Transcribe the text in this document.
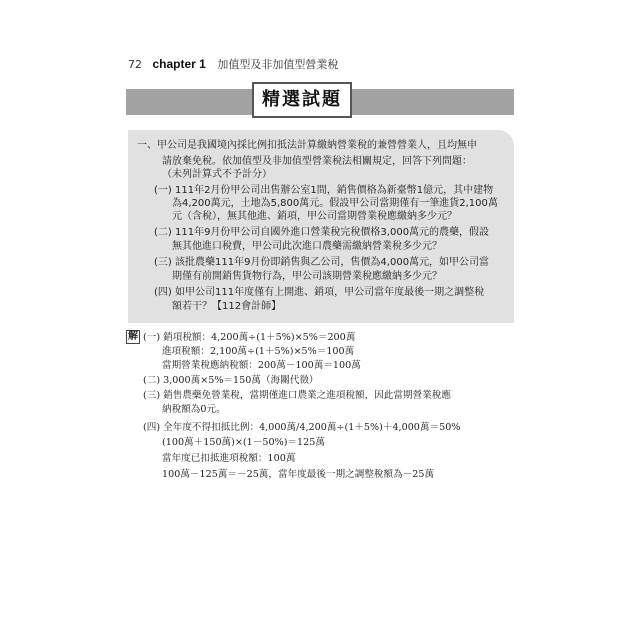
72 chapter 1 加值型及非加值型營業稅
精選試題
一、甲公司是我國境內採比例扣抵法計算繳納營業稅的兼營營業人，且均無申
請放棄免稅。依加值型及非加值型營業稅法相關規定，回答下列問題：
（未列計算式不予計分）
(一) 111年2月份甲公司出售辦公室1間，銷售價格為新臺幣1億元，其中建物
為4,200萬元，土地為5,800萬元。假設甲公司當期僅有一筆進貨2,100萬
元（含稅），無其他進、銷項，甲公司當期營業稅應繳納多少元？
(二) 111年9月份甲公司自國外進口營業稅完稅價格3,000萬元的農藥，假設
無其他進口稅費，甲公司此次進口農藥需繳納營業稅多少元？
(三) 該批農藥111年9月份即銷售與乙公司，售價為4,000萬元，如甲公司當
期僅有前開銷售貨物行為，甲公司該期營業稅應繳納多少元？
(四) 如甲公司111年度僅有上開進、銷項，甲公司當年度最後一期之調整稅
額若干？【112會計師】
解 (一) 銷項稅額：4,200萬÷(1＋5%)×5%＝200萬
進項稅額：2,100萬÷(1＋5%)×5%＝100萬
當期營業稅應納稅額：200萬－100萬＝100萬
(二) 3,000萬×5%＝150萬（海關代徵）
(三) 銷售農藥免營業稅，當期僅進口農業之進項稅額，因此當期營業稅應
納稅額為0元。
(四) 全年度不得扣抵比例：4,000萬/4,200萬÷(1＋5%)＋4,000萬＝50%
(100萬＋150萬)×(1－50%)＝125萬
當年度已扣抵進項稅額：100萬
100萬－125萬＝－25萬，當年度最後一期之調整稅額為－25萬
